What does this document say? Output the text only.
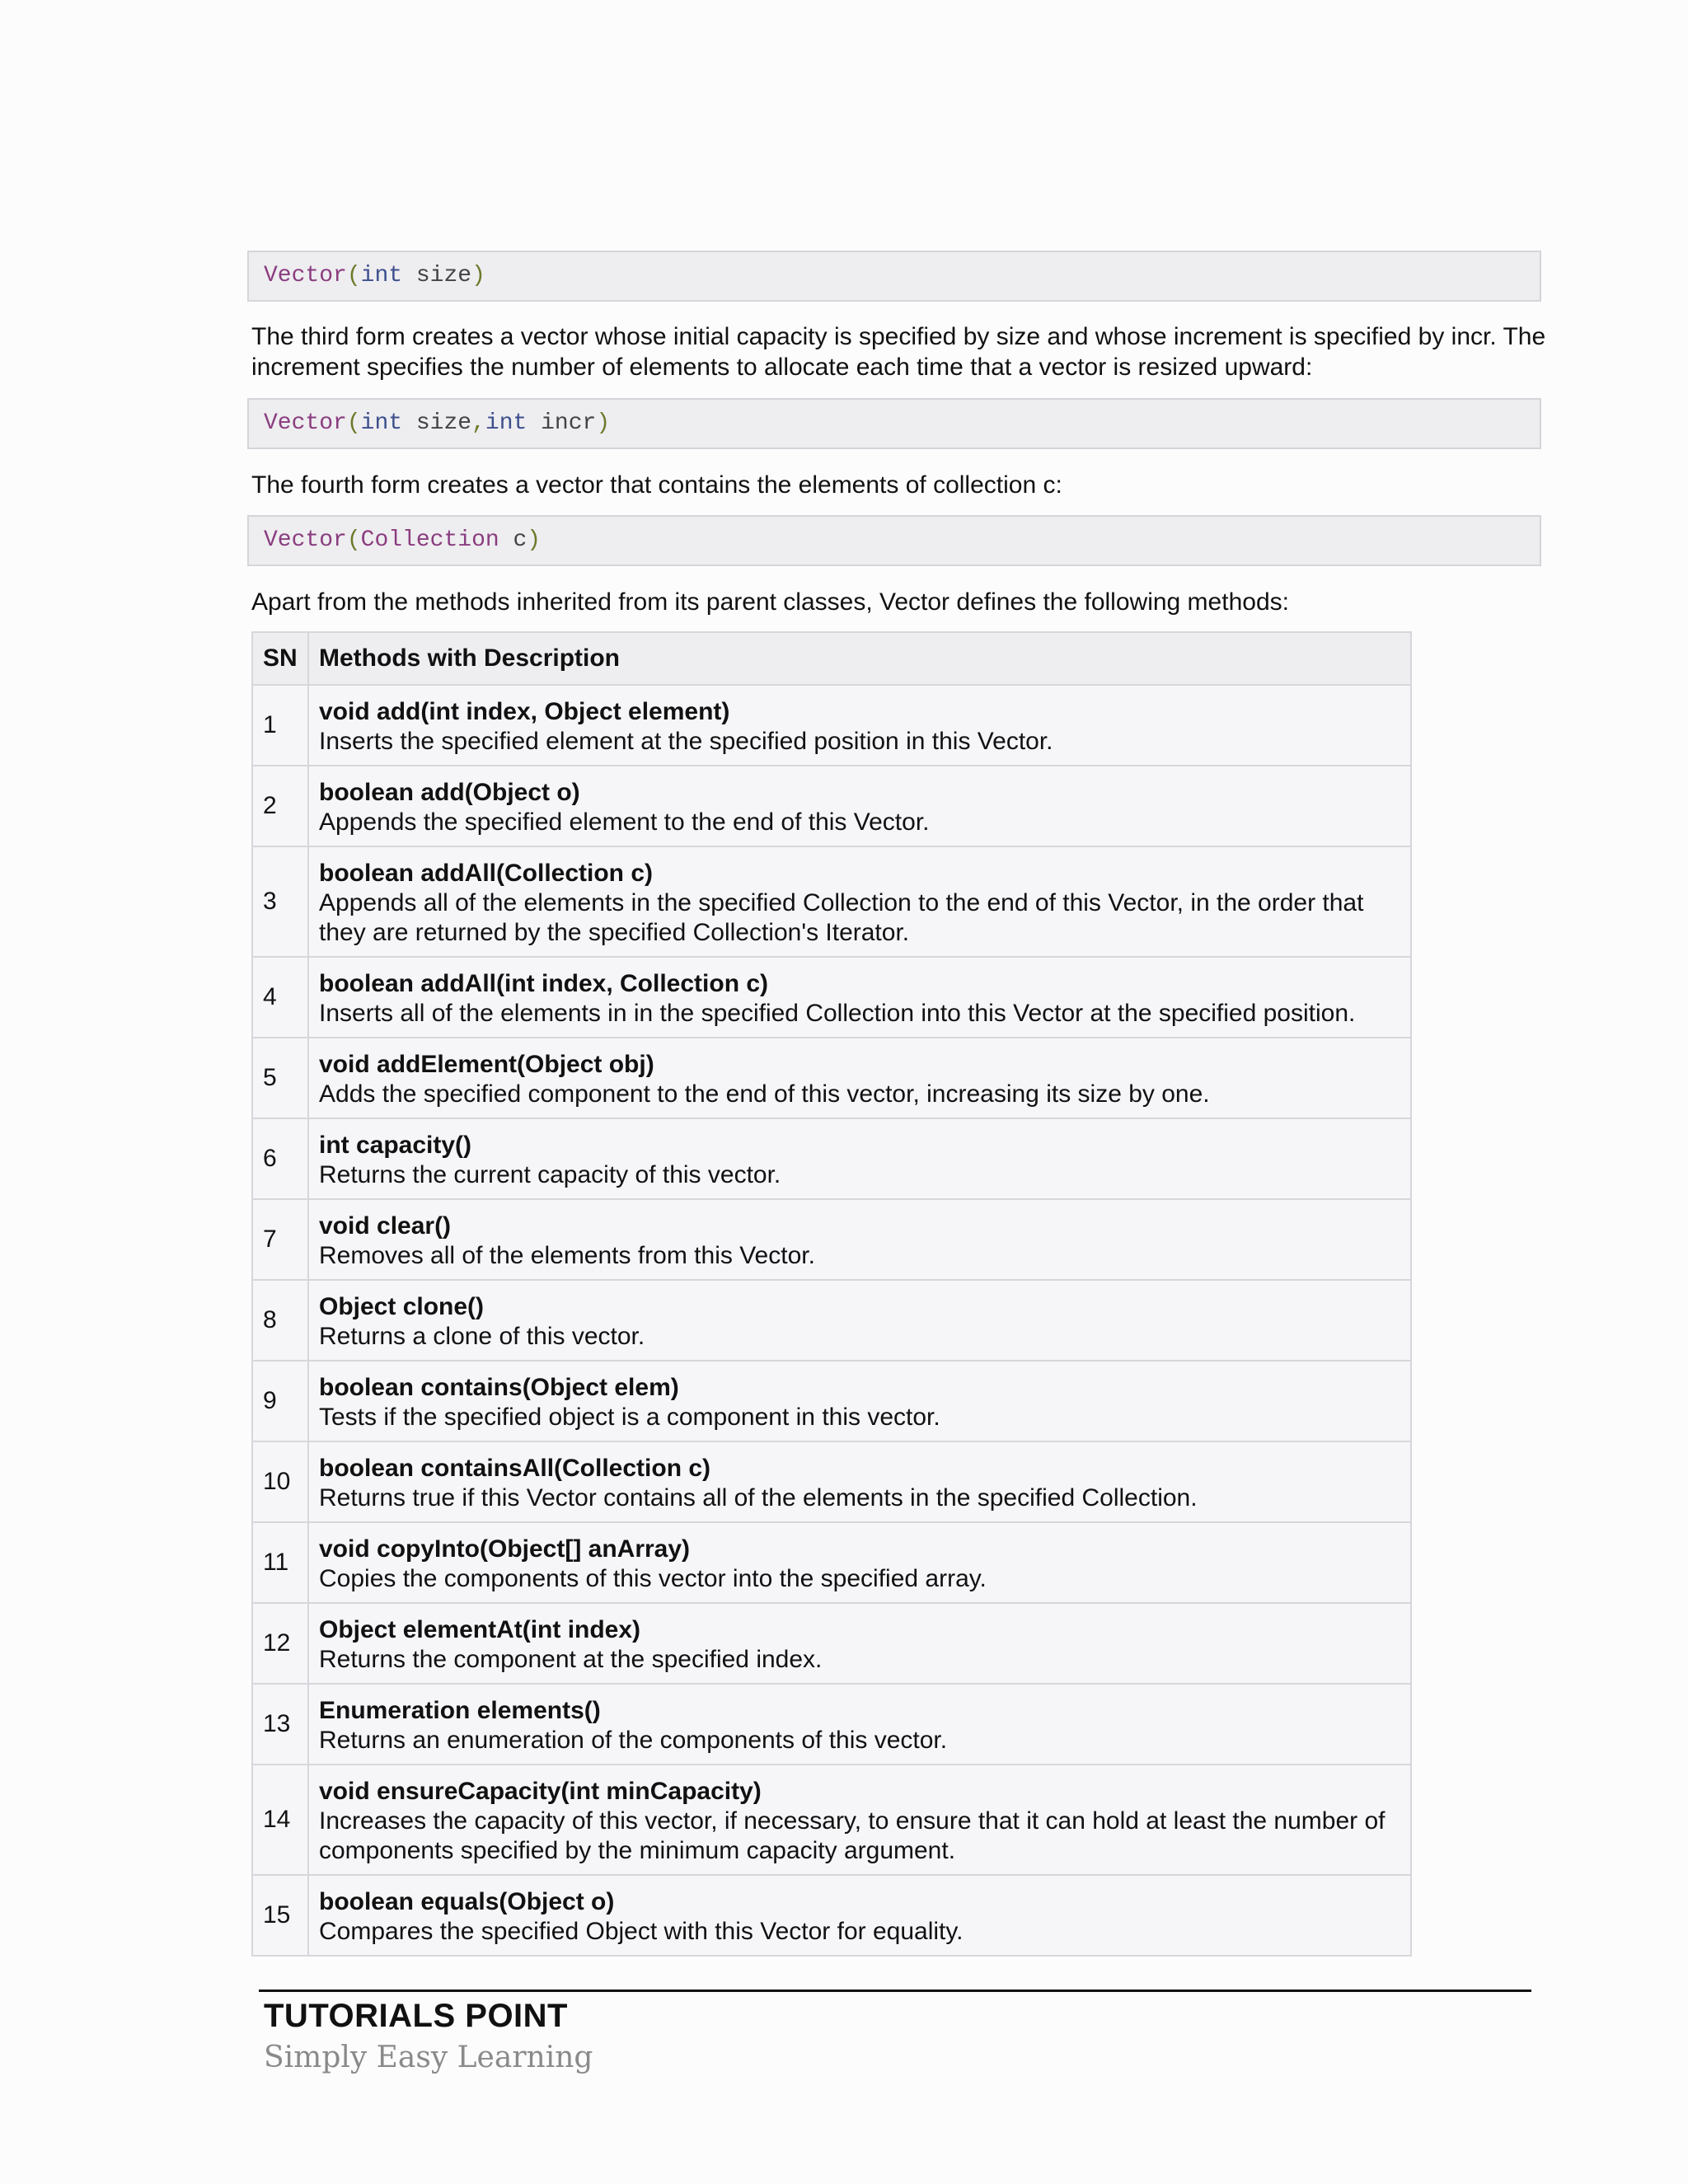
Vector(int size)
The third form creates a vector whose initial capacity is specified by size and whose increment is specified by incr. The increment specifies the number of elements to allocate each time that a vector is resized upward:
Vector(int size,int incr)
The fourth form creates a vector that contains the elements of collection c:
Vector(Collection c)
Apart from the methods inherited from its parent classes, Vector defines the following methods:
SN	Methods with Description
1	void add(int index, Object element)
Inserts the specified element at the specified position in this Vector.

2	boolean add(Object o)
Appends the specified element to the end of this Vector.

3	boolean addAll(Collection c)
Appends all of the elements in the specified Collection to the end of this Vector, in the order that they are returned by the specified Collection's Iterator.

4	boolean addAll(int index, Collection c)
Inserts all of the elements in in the specified Collection into this Vector at the specified position.

5	void addElement(Object obj)
Adds the specified component to the end of this vector, increasing its size by one.

6	int capacity()
Returns the current capacity of this vector.

7	void clear()
Removes all of the elements from this Vector.

8	Object clone()
Returns a clone of this vector.

9	boolean contains(Object elem)
Tests if the specified object is a component in this vector.

10	boolean containsAll(Collection c)
Returns true if this Vector contains all of the elements in the specified Collection.

11	void copyInto(Object[] anArray)
Copies the components of this vector into the specified array.

12	Object elementAt(int index)
Returns the component at the specified index.

13	Enumeration elements()
Returns an enumeration of the components of this vector.

14	void ensureCapacity(int minCapacity)
Increases the capacity of this vector, if necessary, to ensure that it can hold at least the number of components specified by the minimum capacity argument.

15	boolean equals(Object o)
Compares the specified Object with this Vector for equality.
TUTORIALS POINT
Simply Easy Learning
